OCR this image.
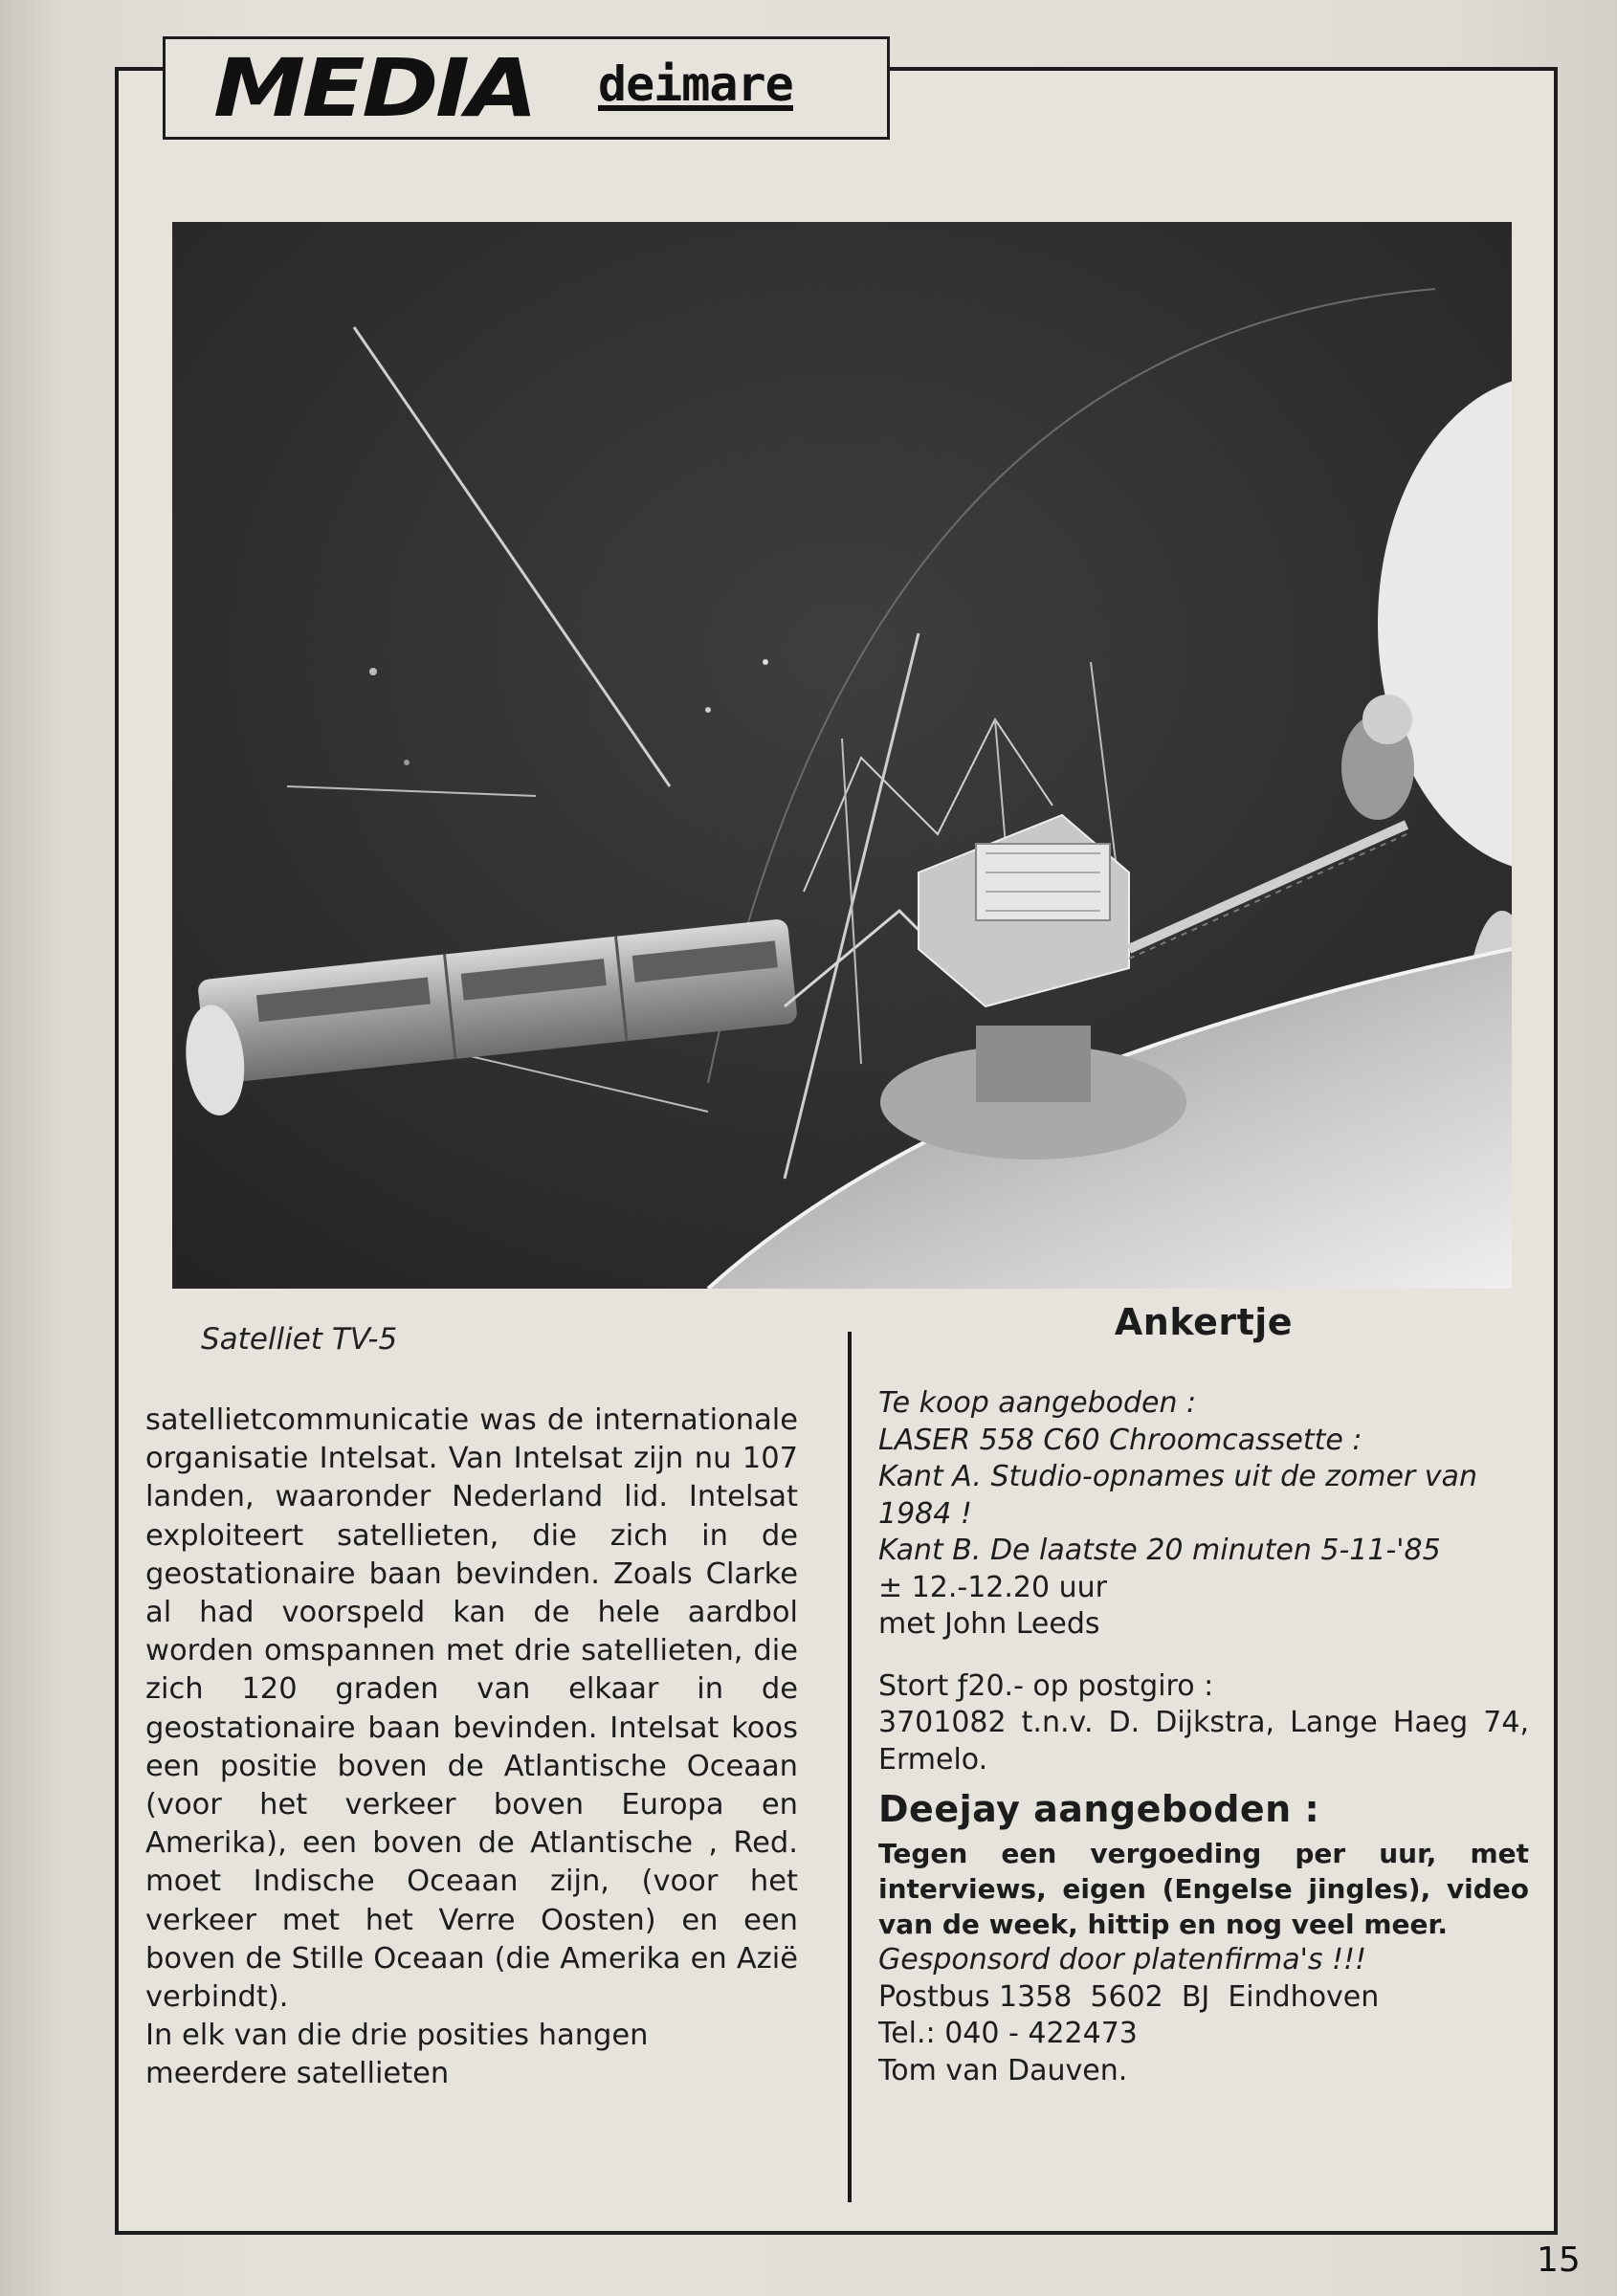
MEDIA deimare
Satelliet TV-5

satellietcommunicatie was de internationale organisatie Intelsat. Van Intelsat zijn nu 107 landen, waaronder Nederland lid. Intelsat exploiteert satellieten, die zich in de geostationaire baan bevinden. Zoals Clarke al had voorspeld kan de hele aardbol worden omspannen met drie satellieten, die zich 120 graden van elkaar in de geostationaire baan bevinden. Intelsat koos een positie boven de Atlantische Oceaan (voor het verkeer boven Europa en Amerika), een boven de Atlantische , Red. moet Indische Oceaan zijn, (voor het verkeer met het Verre Oosten) en een boven de Stille Oceaan (die Amerika en Azië verbindt).

In elk van die drie posities hangen meerdere satellieten

Ankertje

Te koop aangeboden :

LASER 558 C60 Chroomcassette :

Kant A. Studio-opnames uit de zomer van 1984 !

Kant B. De laatste 20 minuten 5-11-'85

± 12.-12.20 uur

met John Leeds

Stort ƒ20.- op postgiro :

3701082 t.n.v. D. Dijkstra, Lange Haeg 74, Ermelo.

Deejay aangeboden :

Tegen een vergoeding per uur, met interviews, eigen (Engelse jingles), video van de week, hittip en nog veel meer.

Gesponsord door platenfirma's !!!

Postbus 1358  5602  BJ  Eindhoven

Tel.: 040 - 422473

Tom van Dauven.

15
